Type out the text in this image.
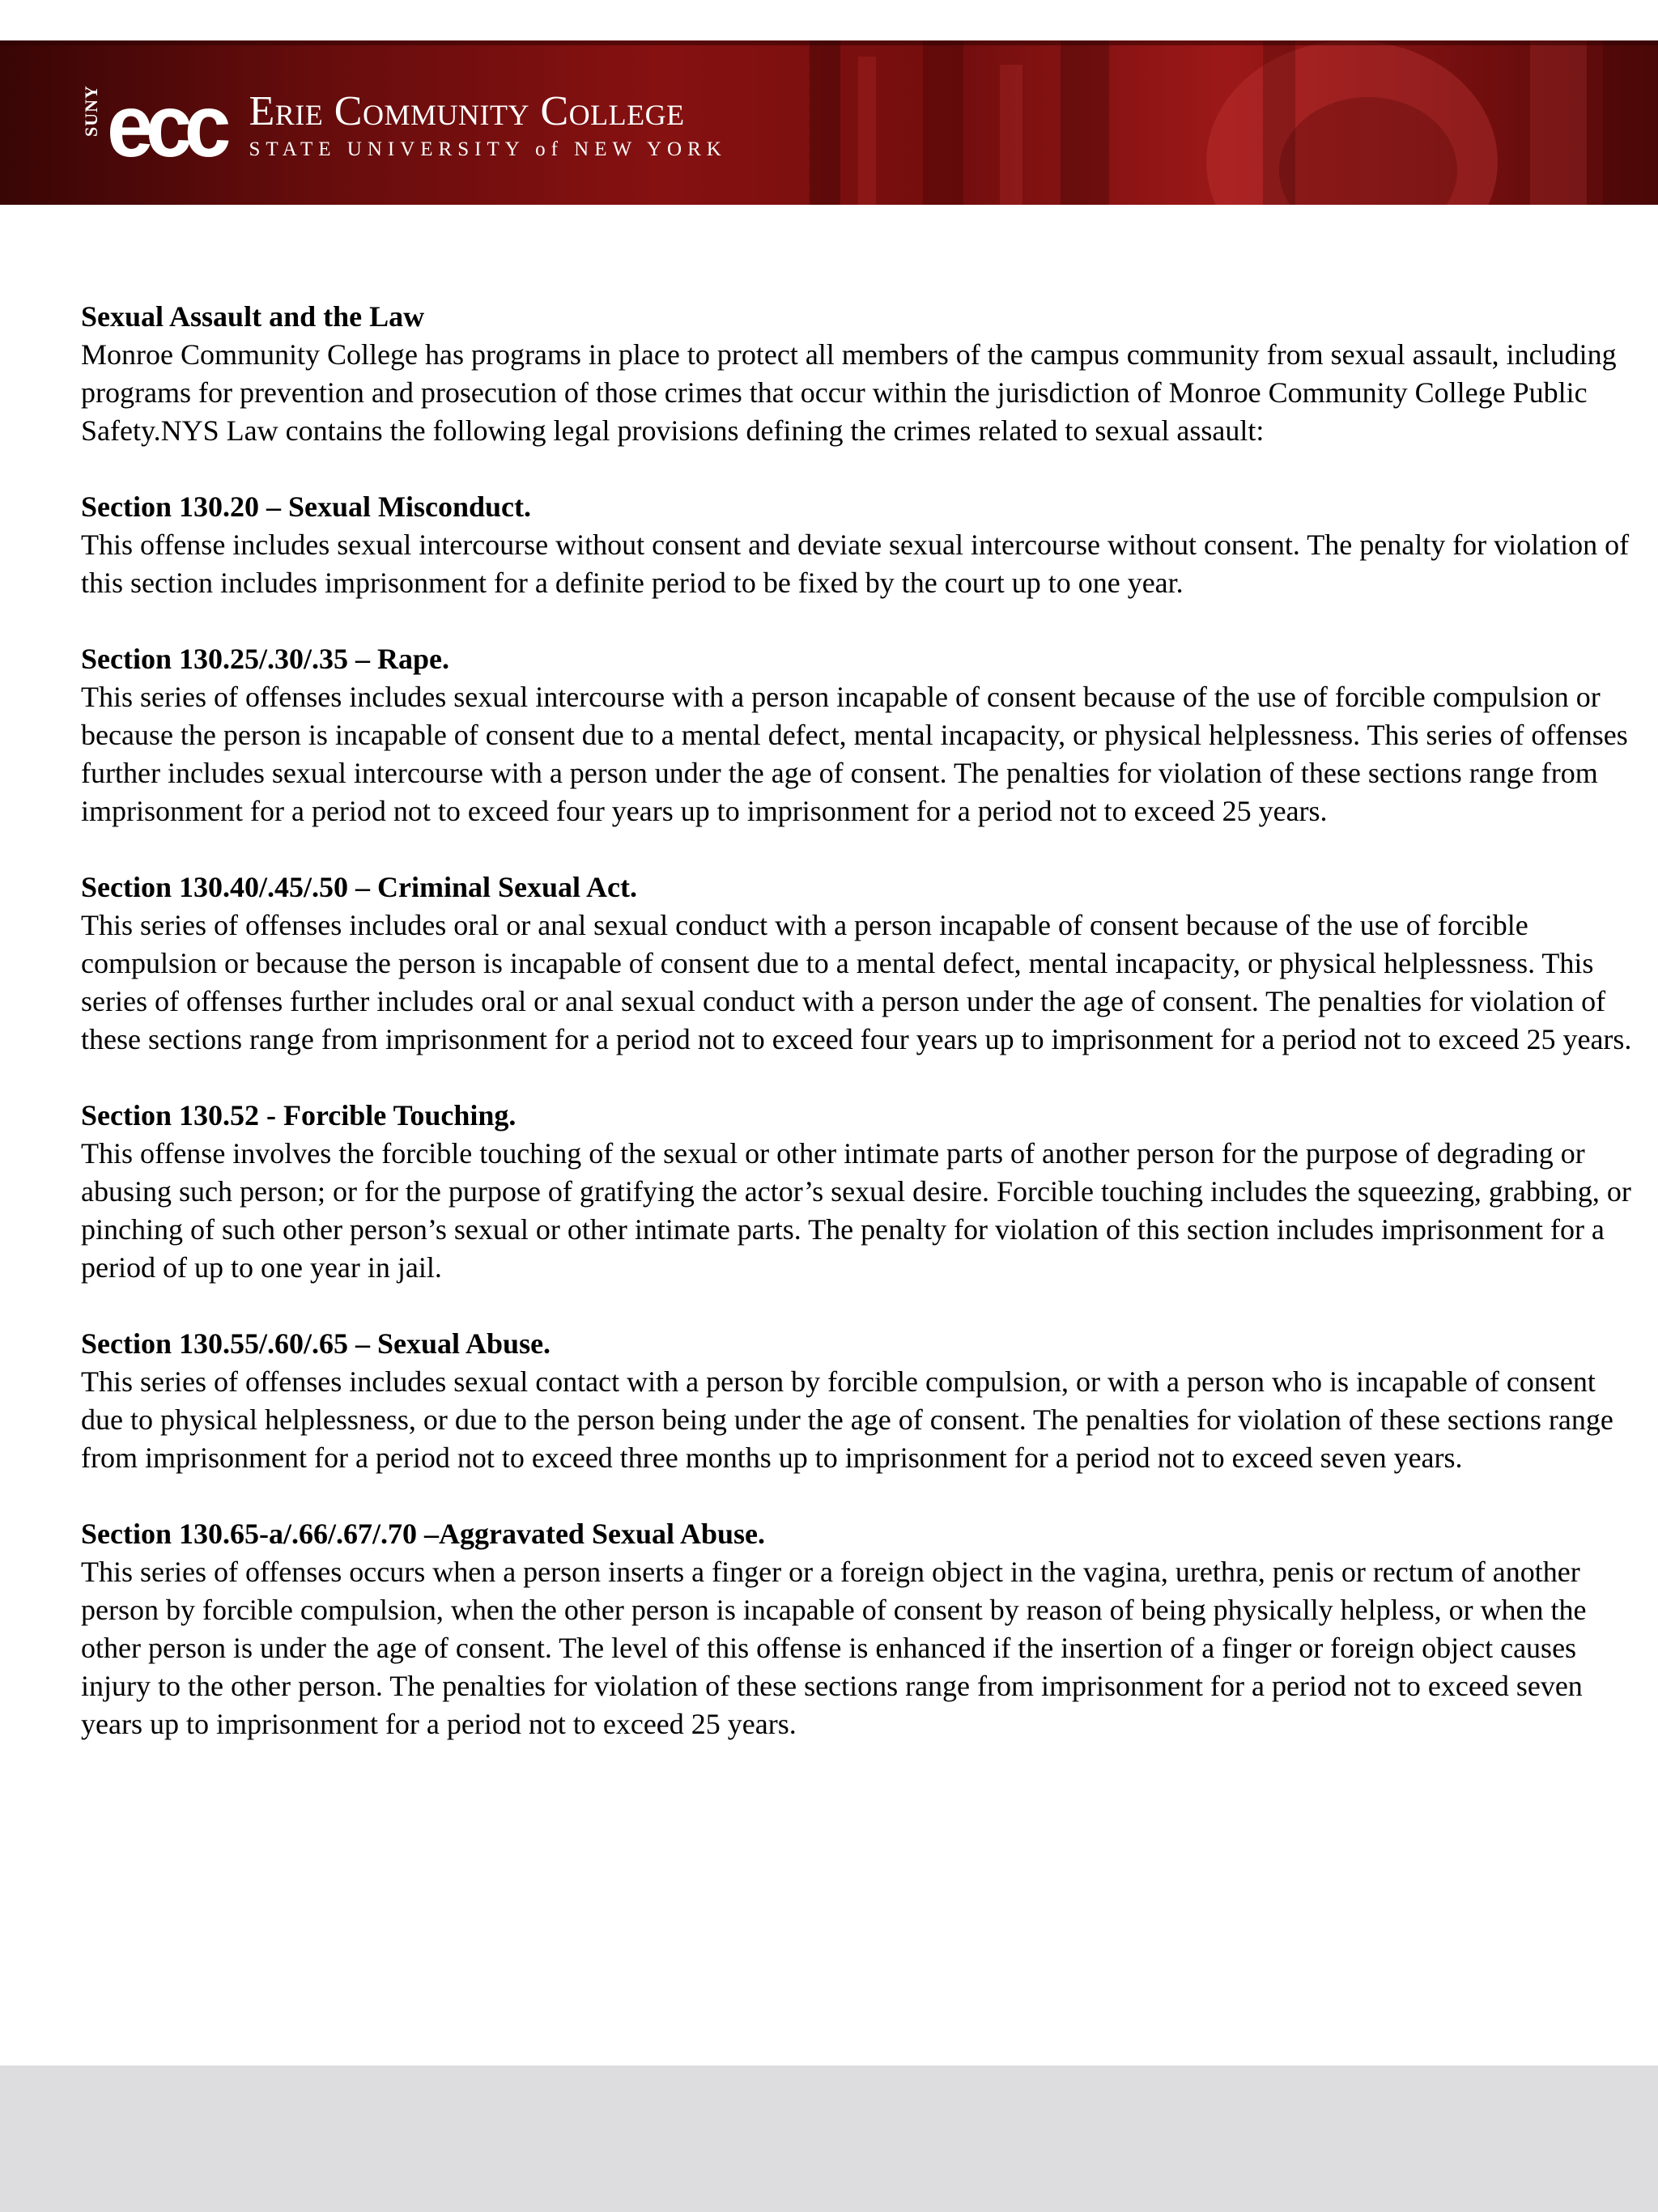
SUNY ecc Erie Community College
STATE UNIVERSITY of NEW YORK

Sexual Assault and the Law

Monroe Community College has programs in place to protect all members of the campus community from sexual assault, including programs for prevention and prosecution of those crimes that occur within the jurisdiction of Monroe Community College Public Safety.NYS Law contains the following legal provisions defining the crimes related to sexual assault:

Section 130.20 – Sexual Misconduct.

This offense includes sexual intercourse without consent and deviate sexual intercourse without consent. The penalty for violation of this section includes imprisonment for a definite period to be fixed by the court up to one year.

Section 130.25/.30/.35 – Rape.

This series of offenses includes sexual intercourse with a person incapable of consent because of the use of forcible compulsion or because the person is incapable of consent due to a mental defect, mental incapacity, or physical helplessness. This series of offenses further includes sexual intercourse with a person under the age of consent. The penalties for violation of these sections range from imprisonment for a period not to exceed four years up to imprisonment for a period not to exceed 25 years.

Section 130.40/.45/.50 – Criminal Sexual Act.

This series of offenses includes oral or anal sexual conduct with a person incapable of consent because of the use of forcible compulsion or because the person is incapable of consent due to a mental defect, mental incapacity, or physical helplessness. This series of offenses further includes oral or anal sexual conduct with a person under the age of consent. The penalties for violation of these sections range from imprisonment for a period not to exceed four years up to imprisonment for a period not to exceed 25 years.

Section 130.52 - Forcible Touching.

This offense involves the forcible touching of the sexual or other intimate parts of another person for the purpose of degrading or abusing such person; or for the purpose of gratifying the actor’s sexual desire. Forcible touching includes the squeezing, grabbing, or pinching of such other person’s sexual or other intimate parts. The penalty for violation of this section includes imprisonment for a period of up to one year in jail.

Section 130.55/.60/.65 – Sexual Abuse.

This series of offenses includes sexual contact with a person by forcible compulsion, or with a person who is incapable of consent due to physical helplessness, or due to the person being under the age of consent. The penalties for violation of these sections range from imprisonment for a period not to exceed three months up to imprisonment for a period not to exceed seven years.

Section 130.65-a/.66/.67/.70 –Aggravated Sexual Abuse.

This series of offenses occurs when a person inserts a finger or a foreign object in the vagina, urethra, penis or rectum of another person by forcible compulsion, when the other person is incapable of consent by reason of being physically helpless, or when the other person is under the age of consent. The level of this offense is enhanced if the insertion of a finger or foreign object causes injury to the other person. The penalties for violation of these sections range from imprisonment for a period not to exceed seven years up to imprisonment for a period not to exceed 25 years.
